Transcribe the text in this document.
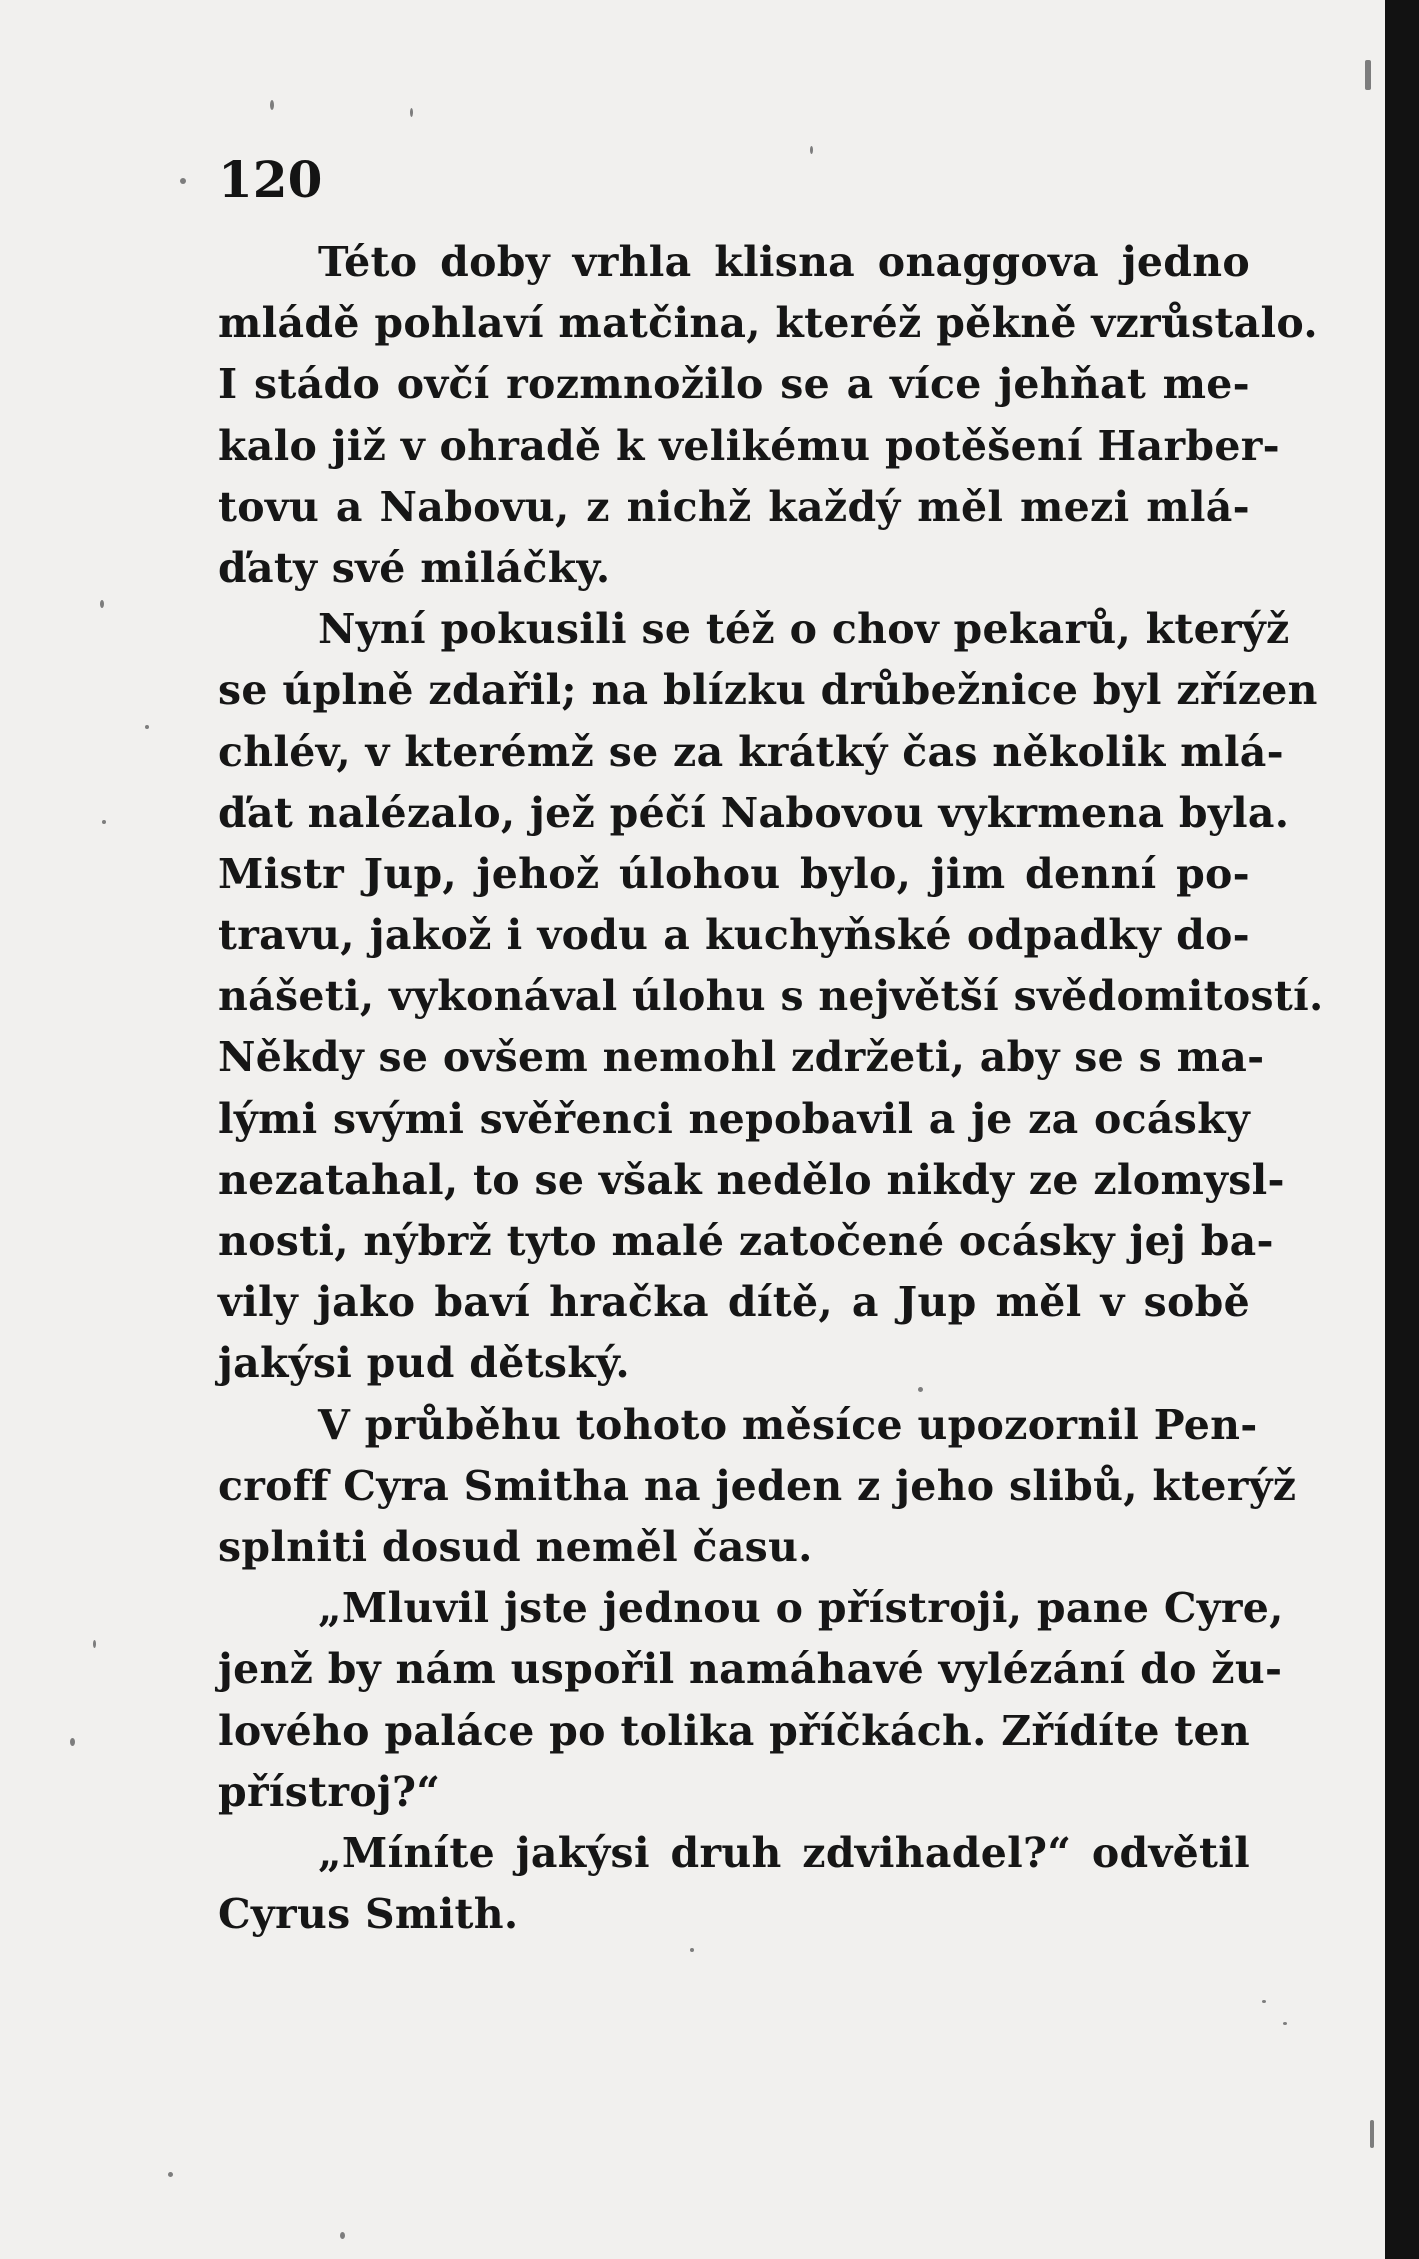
120

Této doby vrhla klisna onaggova jedno
mládě pohlaví matčina, kteréž pěkně vzrůstalo.
I stádo ovčí rozmnožilo se a více jehňat me-
kalo již v ohradě k velikému potěšení Harber-
tovu a Nabovu, z nichž každý měl mezi mlá-
ďaty své miláčky.

Nyní pokusili se též o chov pekarů, kterýž
se úplně zdařil; na blízku drůbežnice byl zřízen
chlév, v kterémž se za krátký čas několik mlá-
ďat nalézalo, jež péčí Nabovou vykrmena byla.
Mistr Jup, jehož úlohou bylo, jim denní po-
travu, jakož i vodu a kuchyňské odpadky do-
nášeti, vykonával úlohu s největší svědomitostí.
Někdy se ovšem nemohl zdržeti, aby se s ma-
lými svými svěřenci nepobavil a je za ocásky
nezatahal, to se však nedělo nikdy ze zlomysl-
nosti, nýbrž tyto malé zatočené ocásky jej ba-
vily jako baví hračka dítě, a Jup měl v sobě
jakýsi pud dětský.

V průběhu tohoto měsíce upozornil Pen-
croff Cyra Smitha na jeden z jeho slibů, kterýž
splniti dosud neměl času.

„Mluvil jste jednou o přístroji, pane Cyre,
jenž by nám uspořil namáhavé vylézání do žu-
lového paláce po tolika příčkách. Zřídíte ten
přístroj?“

„Míníte jakýsi druh zdvihadel?“ odvětil
Cyrus Smith.
